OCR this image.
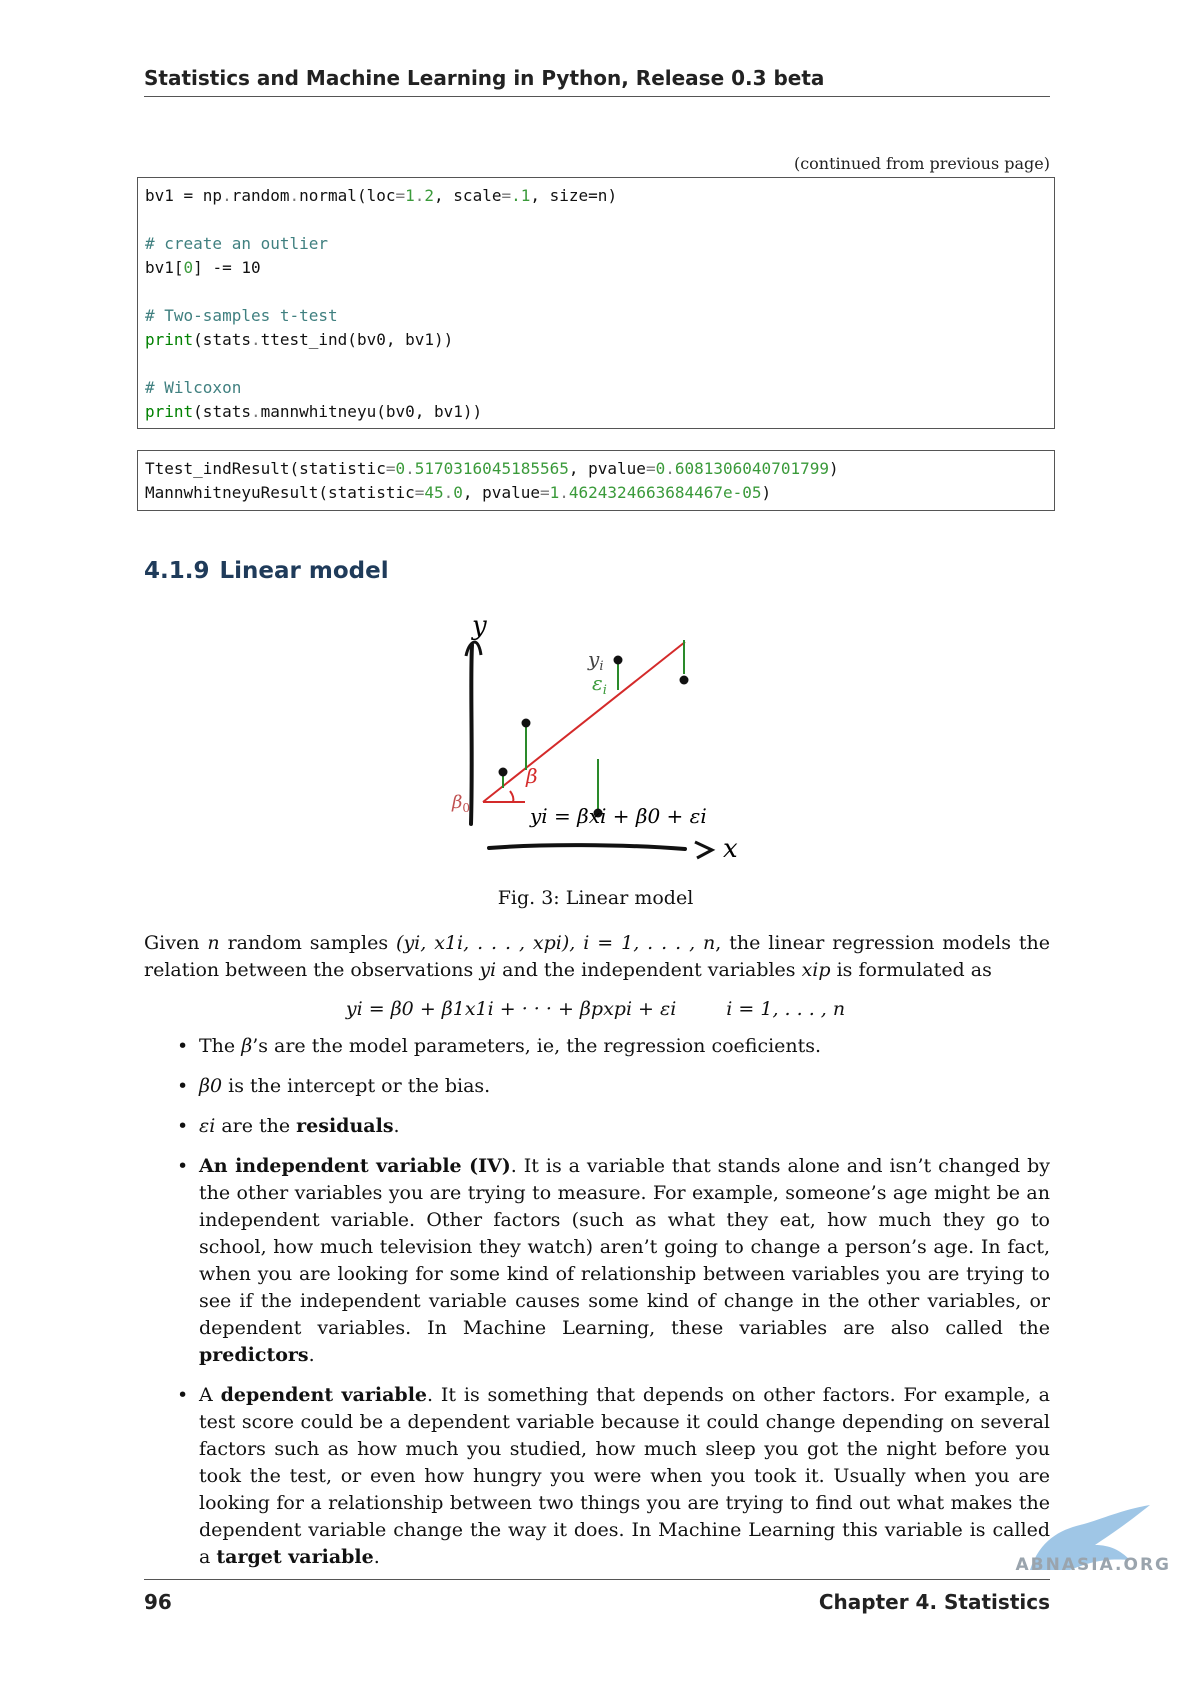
Statistics and Machine Learning in Python, Release 0.3 beta
(continued from previous page)
bv1 = np.random.normal(loc=1.2, scale=.1, size=n)

# create an outlier
bv1[0] -= 10

# Two-samples t-test
print(stats.ttest_ind(bv0, bv1))

# Wilcoxon
print(stats.mannwhitneyu(bv0, bv1))
Ttest_indResult(statistic=0.5170316045185565, pvalue=0.6081306040701799)
MannwhitneyuResult(statistic=45.0, pvalue=1.4624324663684467e-05)
4.1.9 Linear model
y
x
β
$\beta_0$
$y_i$
$\varepsilon_i$
yi = βxi + β0 + εi
Fig. 3: Linear model
Given n random samples (yi, x1i, . . . , xpi), i = 1, . . . , n, the linear regression models the relation between the observations yi and the independent variables xip is formulated as
yi = β0 + β1x1i + · · · + βpxpi + εi	i = 1, . . . , n
• The β’s are the model parameters, ie, the regression coeficients.
• β0 is the intercept or the bias.
• εi are the residuals.
• An independent variable (IV). It is a variable that stands alone and isn’t changed by the other variables you are trying to measure. For example, someone’s age might be an independent variable. Other factors (such as what they eat, how much they go to school, how much television they watch) aren’t going to change a person’s age. In fact, when you are looking for some kind of relationship between variables you are trying to see if the independent variable causes some kind of change in the other variables, or dependent variables. In Machine Learning, these variables are also called the predictors.
• A dependent variable. It is something that depends on other factors. For example, a test score could be a dependent variable because it could change depending on several factors such as how much you studied, how much sleep you got the night before you took the test, or even how hungry you were when you took it. Usually when you are looking for a relationship between two things you are trying to find out what makes the dependent variable change the way it does. In Machine Learning this variable is called a target variable.
96	Chapter 4. Statistics
ABNASIA.ORG
